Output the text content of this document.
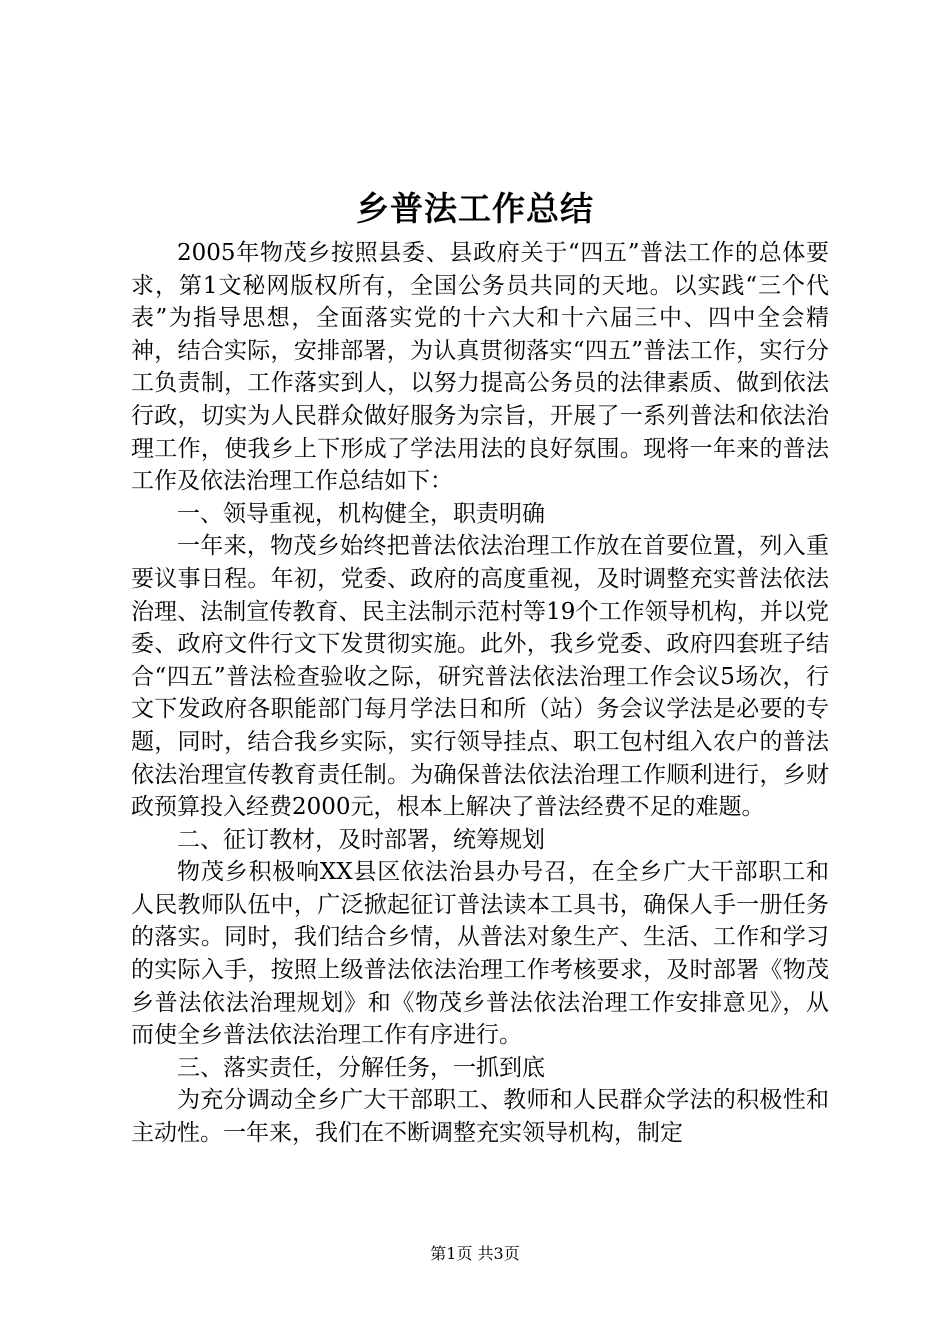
乡普法工作总结

2005年物茂乡按照县委、县政府关于“四五”普法工作的总体要求，第1文秘网版权所有，全国公务员共同的天地。以实践“三个代表”为指导思想，全面落实党的十六大和十六届三中、四中全会精神，结合实际，安排部署，为认真贯彻落实“四五”普法工作，实行分工负责制，工作落实到人，以努力提高公务员的法律素质、做到依法行政，切实为人民群众做好服务为宗旨，开展了一系列普法和依法治理工作，使我乡上下形成了学法用法的良好氛围。现将一年来的普法工作及依法治理工作总结如下：

一、领导重视，机构健全，职责明确

一年来，物茂乡始终把普法依法治理工作放在首要位置，列入重要议事日程。年初，党委、政府的高度重视，及时调整充实普法依法治理、法制宣传教育、民主法制示范村等19个工作领导机构，并以党委、政府文件行文下发贯彻实施。此外，我乡党委、政府四套班子结合“四五”普法检查验收之际，研究普法依法治理工作会议5场次，行文下发政府各职能部门每月学法日和所（站）务会议学法是必要的专题，同时，结合我乡实际，实行领导挂点、职工包村组入农户的普法依法治理宣传教育责任制。为确保普法依法治理工作顺利进行，乡财政预算投入经费2000元，根本上解决了普法经费不足的难题。

二、征订教材，及时部署，统筹规划

物茂乡积极响XX县区依法治县办号召，在全乡广大干部职工和人民教师队伍中，广泛掀起征订普法读本工具书，确保人手一册任务的落实。同时，我们结合乡情，从普法对象生产、生活、工作和学习的实际入手，按照上级普法依法治理工作考核要求，及时部署《物茂乡普法依法治理规划》和《物茂乡普法依法治理工作安排意见》，从而使全乡普法依法治理工作有序进行。

三、落实责任，分解任务，一抓到底

为充分调动全乡广大干部职工、教师和人民群众学法的积极性和主动性。一年来，我们在不断调整充实领导机构，制定

第1页 共3页
